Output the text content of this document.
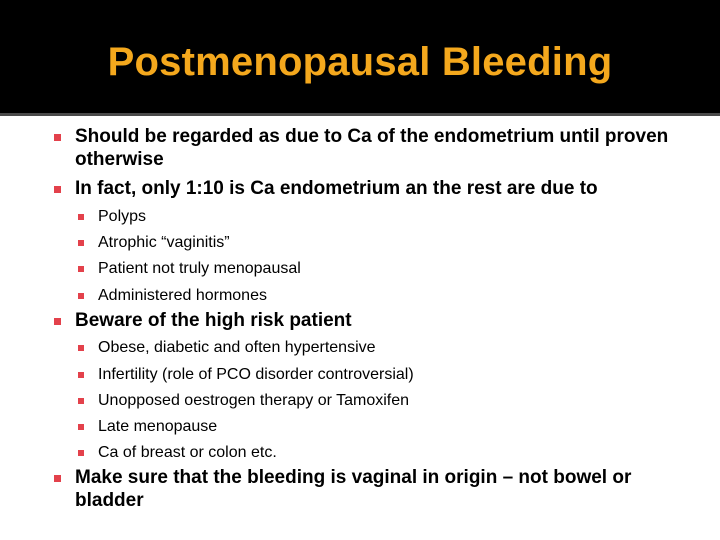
Postmenopausal Bleeding
Should be regarded as due to Ca of the endometrium until proven otherwise
In fact, only 1:10 is Ca endometrium an the rest are due to
Polyps
Atrophic “vaginitis”
Patient not truly menopausal
Administered hormones
Beware of the high risk patient
Obese, diabetic and often hypertensive
Infertility (role of PCO disorder controversial)
Unopposed oestrogen therapy or Tamoxifen
Late menopause
Ca of breast or colon etc.
Make sure that the bleeding is vaginal in origin – not bowel or bladder
